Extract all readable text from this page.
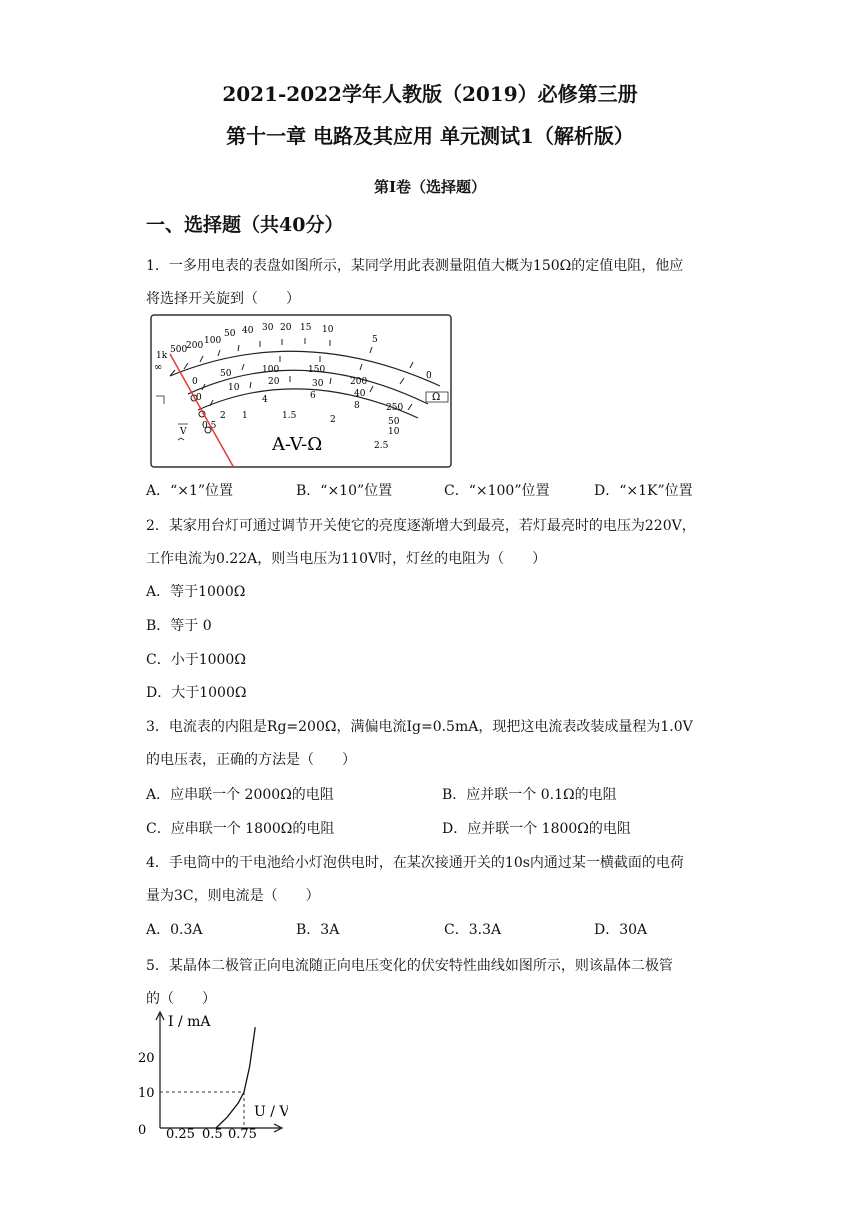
2021-2022学年人教版（2019）必修第三册
第十一章 电路及其应用 单元测试1（解析版）
第Ⅰ卷（选择题）
一、选择题（共40分）
1．一多用电表的表盘如图所示，某同学用此表测量阻值大概为150Ω的定值电阻，他应
将选择开关旋到（　　）
1k
500
200 100
50 40 30 20 15 10
5
0
∞
0
50	100	150
200
250
0
10
20	30
40
50
2
4	6
8
10
0.5
1	1.5	2
2.5
Ω
V
A-V-Ω
A．“×1”位置	B．“×10”位置	C．“×100”位置	D．“×1K”位置
2．某家用台灯可通过调节开关使它的亮度逐渐增大到最亮，若灯最亮时的电压为220V，
工作电流为0.22A，则当电压为110V时，灯丝的电阻为（　　）
A．等于1000Ω
B．等于 0
C．小于1000Ω
D．大于1000Ω
3．电流表的内阻是Rg=200Ω，满偏电流Ig=0.5mA，现把这电流表改装成量程为1.0V
的电压表，正确的方法是（　　）
A．应串联一个 2000Ω的电阻	B．应并联一个 0.1Ω的电阻
C．应串联一个 1800Ω的电阻	D．应并联一个 1800Ω的电阻
4．手电筒中的干电池给小灯泡供电时，在某次接通开关的10s内通过某一横截面的电荷
量为3C，则电流是（　　）
A．0.3A	B．3A	C．3.3A	D．30A
5．某晶体二极管正向电流随正向电压变化的伏安特性曲线如图所示，则该晶体二极管
的（　　）
I / mA
U / V
20
10
0 0.25 0.5 0.75
